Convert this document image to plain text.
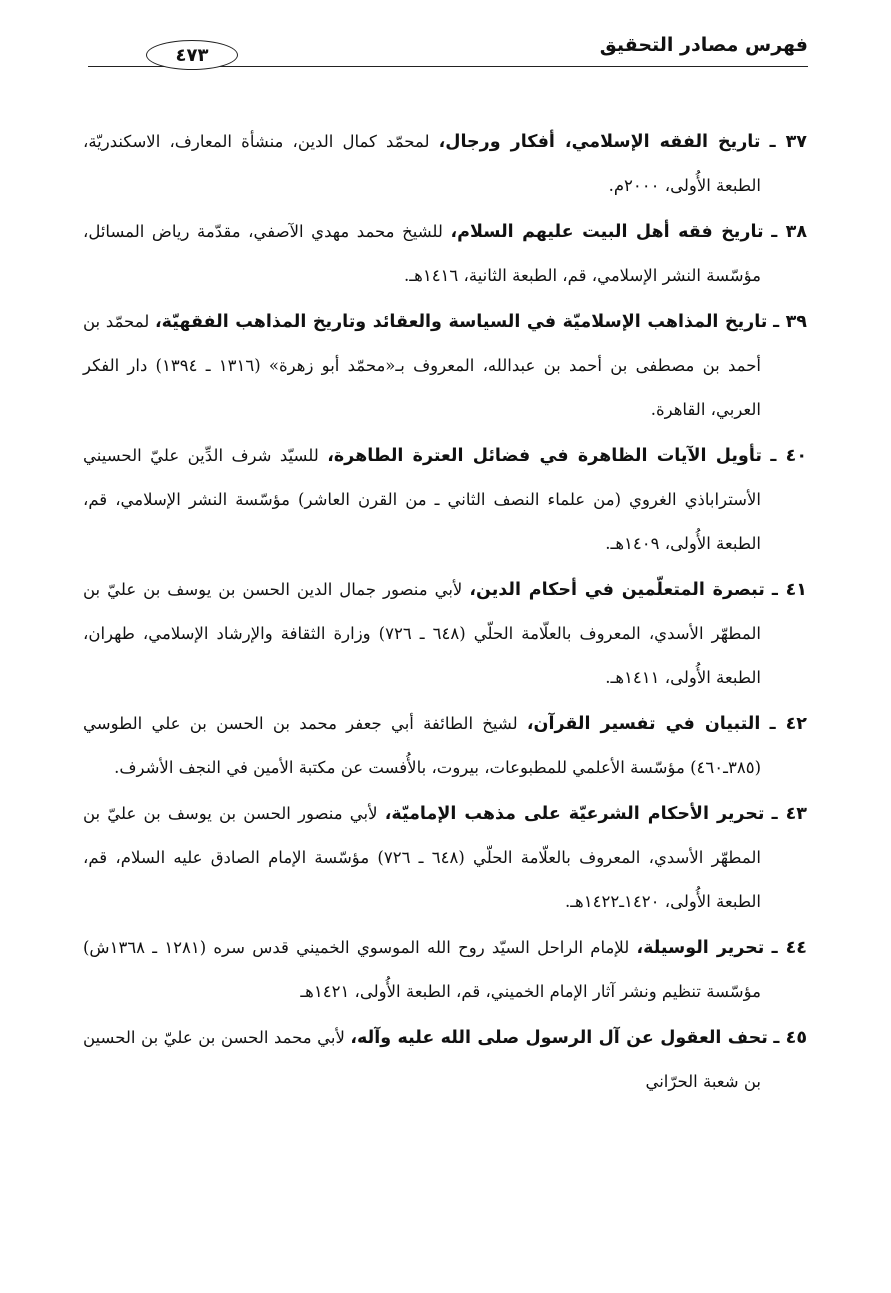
فهرس مصادر التحقيق
٤٧٣

٣٧ ـ تاريخ الفقه الإسلامي، أفكار ورجال، لمحمّد كمال الدين، منشأة المعارف، الاسكندريّة، الطبعة الأُولى، ٢٠٠٠م.

٣٨ ـ تاريخ فقه أهل البيت عليهم السلام، للشيخ محمد مهدي الآصفي، مقدّمة رياض المسائل، مؤسّسة النشر الإسلامي، قم، الطبعة الثانية، ١٤١٦هـ.

٣٩ ـ تاريخ المذاهب الإسلاميّة في السياسة والعقائد وتاريخ المذاهب الفقهيّة، لمحمّد بن أحمد بن مصطفى بن أحمد بن عبدالله، المعروف بـ«محمّد أبو زهرة» (١٣١٦ ـ ١٣٩٤) دار الفكر العربي، القاهرة.

٤٠ ـ تأويل الآيات الظاهرة في فضائل العترة الطاهرة، للسيّد شرف الدِّين عليّ الحسيني الأستراباذي الغروي (من علماء النصف الثاني ـ من القرن العاشر) مؤسّسة النشر الإسلامي، قم، الطبعة الأُولى، ١٤٠٩هـ.

٤١ ـ تبصرة المتعلّمين في أحكام الدين، لأبي منصور جمال الدين الحسن بن يوسف بن عليّ بن المطهّر الأسدي، المعروف بالعلّامة الحلّي (٦٤٨ ـ ٧٢٦) وزارة الثقافة والإرشاد الإسلامي، طهران، الطبعة الأُولى، ١٤١١هـ.

٤٢ ـ التبيان في تفسير القرآن، لشيخ الطائفة أبي جعفر محمد بن الحسن بن علي الطوسي (٣٨٥ـ٤٦٠) مؤسّسة الأعلمي للمطبوعات، بيروت، بالأُفست عن مكتبة الأمين في النجف الأشرف.

٤٣ ـ تحرير الأحكام الشرعيّة على مذهب الإماميّة، لأبي منصور الحسن بن يوسف بن عليّ بن المطهّر الأسدي، المعروف بالعلّامة الحلّي (٦٤٨ ـ ٧٢٦) مؤسّسة الإمام الصادق عليه السلام، قم، الطبعة الأُولى، ١٤٢٠ـ١٤٢٢هـ.

٤٤ ـ تحرير الوسيلة، للإمام الراحل السيّد روح الله الموسوي الخميني قدس سره (١٢٨١ ـ ١٣٦٨ش) مؤسّسة تنظيم ونشر آثار الإمام الخميني، قم، الطبعة الأُولى، ١٤٢١هـ

٤٥ ـ تحف العقول عن آل الرسول صلى الله عليه وآله، لأبي محمد الحسن بن عليّ بن الحسين بن شعبة الحرّاني
